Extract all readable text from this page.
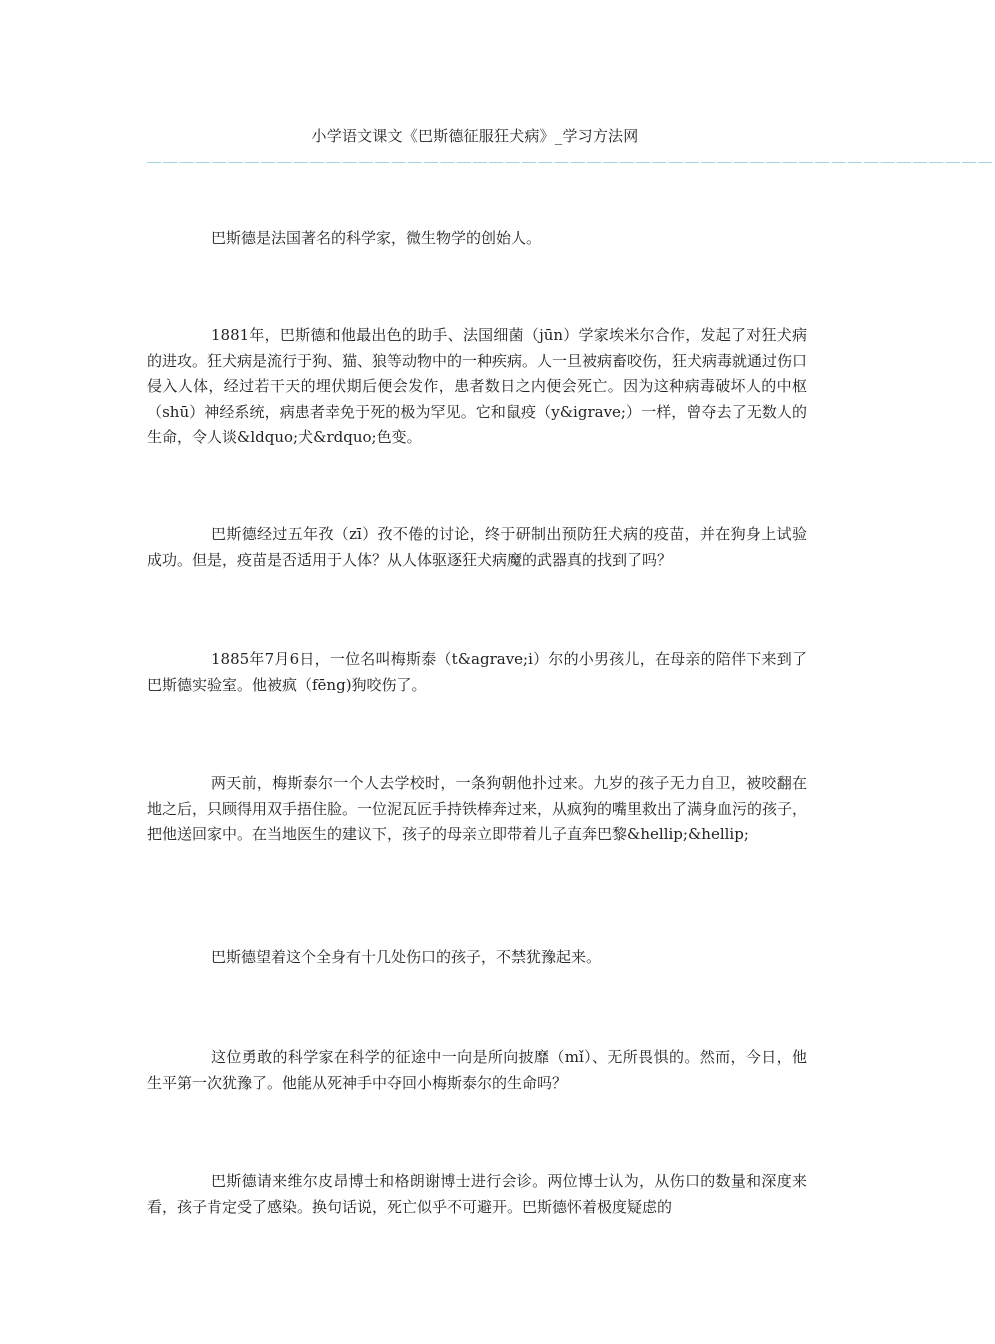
小学语文课文《巴斯德征服狂犬病》_学习方法网
＿＿＿＿＿＿＿＿＿＿＿＿＿＿＿＿＿＿＿＿＿＿＿＿＿＿＿＿＿＿＿＿＿＿＿＿＿＿＿＿＿＿＿＿＿＿＿＿＿＿＿＿

巴斯德是法国著名的科学家，微生物学的创始人。

1881年，巴斯德和他最出色的助手、法国细菌（jūn）学家埃米尔合作，发起了对狂犬病的进攻。狂犬病是流行于狗、猫、狼等动物中的一种疾病。人一旦被病畜咬伤，狂犬病毒就通过伤口侵入人体，经过若干天的埋伏期后便会发作，患者数日之内便会死亡。因为这种病毒破坏人的中枢（shū）神经系统，病患者幸免于死的极为罕见。它和鼠疫（y&igrave;）一样，曾夺去了无数人的生命，令人谈&ldquo;犬&rdquo;色变。

巴斯德经过五年孜（zī）孜不倦的讨论，终于研制出预防狂犬病的疫苗，并在狗身上试验成功。但是，疫苗是否适用于人体？从人体驱逐狂犬病魔的武器真的找到了吗？

1885年7月6日，一位名叫梅斯泰（t&agrave;i）尔的小男孩儿，在母亲的陪伴下来到了巴斯德实验室。他被疯（fēng)狗咬伤了。

两天前，梅斯泰尔一个人去学校时，一条狗朝他扑过来。九岁的孩子无力自卫，被咬翻在地之后，只顾得用双手捂住脸。一位泥瓦匠手持铁棒奔过来，从疯狗的嘴里救出了满身血污的孩子，把他送回家中。在当地医生的建议下，孩子的母亲立即带着儿子直奔巴黎&hellip;&hellip;

巴斯德望着这个全身有十几处伤口的孩子，不禁犹豫起来。

这位勇敢的科学家在科学的征途中一向是所向披靡（mǐ）、无所畏惧的。然而，今日，他生平第一次犹豫了。他能从死神手中夺回小梅斯泰尔的生命吗？

巴斯德请来维尔皮昂博士和格朗谢博士进行会诊。两位博士认为，从伤口的数量和深度来看，孩子肯定受了感染。换句话说，死亡似乎不可避开。巴斯德怀着极度疑虑的
